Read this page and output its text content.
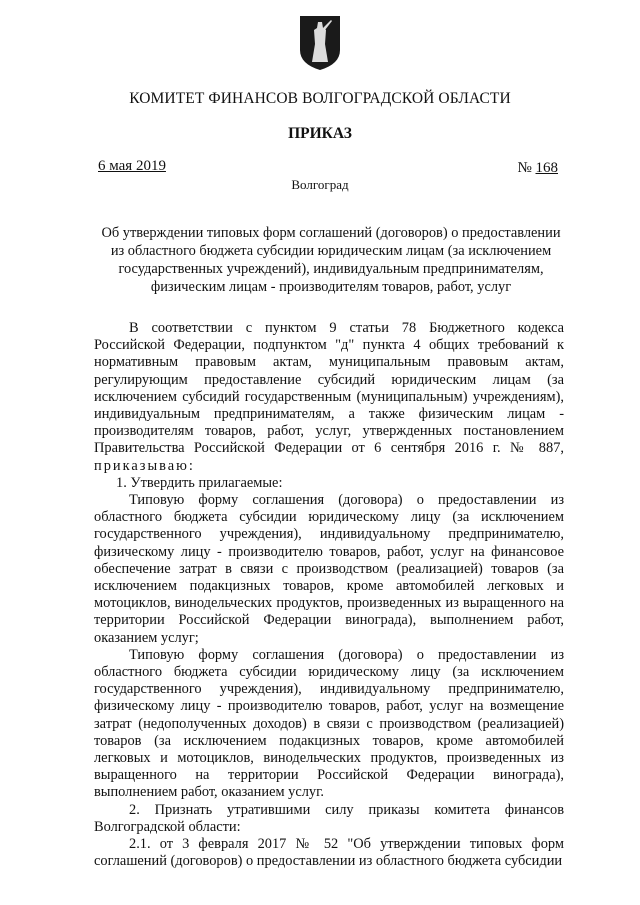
КОМИТЕТ ФИНАНСОВ ВОЛГОГРАДСКОЙ ОБЛАСТИ
ПРИКАЗ
6 мая 2019	№ 168
Волгоград
Об утверждении типовых форм соглашений (договоров) о предоставлении из областного бюджета субсидии юридическим лицам (за исключением государственных учреждений), индивидуальным предпринимателям, физическим лицам - производителям товаров, работ, услуг

В соответствии с пунктом 9 статьи 78 Бюджетного кодекса Российской Федерации, подпунктом "д" пункта 4 общих требований к нормативным правовым актам, муниципальным правовым актам, регулирующим предоставление субсидий юридическим лицам (за исключением субсидий государственным (муниципальным) учреждениям), индивидуальным предпринимателям, а также физическим лицам - производителям товаров, работ, услуг, утвержденных постановлением Правительства Российской Федерации от 6 сентября 2016 г. № 887, приказываю:

1. Утвердить прилагаемые:

Типовую форму соглашения (договора) о предоставлении из областного бюджета субсидии юридическому лицу (за исключением государственного учреждения), индивидуальному предпринимателю, физическому лицу - производителю товаров, работ, услуг на финансовое обеспечение затрат в связи с производством (реализацией) товаров (за исключением подакцизных товаров, кроме автомобилей легковых и мотоциклов, винодельческих продуктов, произведенных из выращенного на территории Российской Федерации винограда), выполнением работ, оказанием услуг;

Типовую форму соглашения (договора) о предоставлении из областного бюджета субсидии юридическому лицу (за исключением государственного учреждения), индивидуальному предпринимателю, физическому лицу - производителю товаров, работ, услуг на возмещение затрат (недополученных доходов) в связи с производством (реализацией) товаров (за исключением подакцизных товаров, кроме автомобилей легковых и мотоциклов, винодельческих продуктов, произведенных из выращенного на территории Российской Федерации винограда), выполнением работ, оказанием услуг.

2. Признать утратившими силу приказы комитета финансов Волгоградской области:

2.1. от 3 февраля 2017 № 52 "Об утверждении типовых форм соглашений (договоров) о предоставлении из областного бюджета субсидии
